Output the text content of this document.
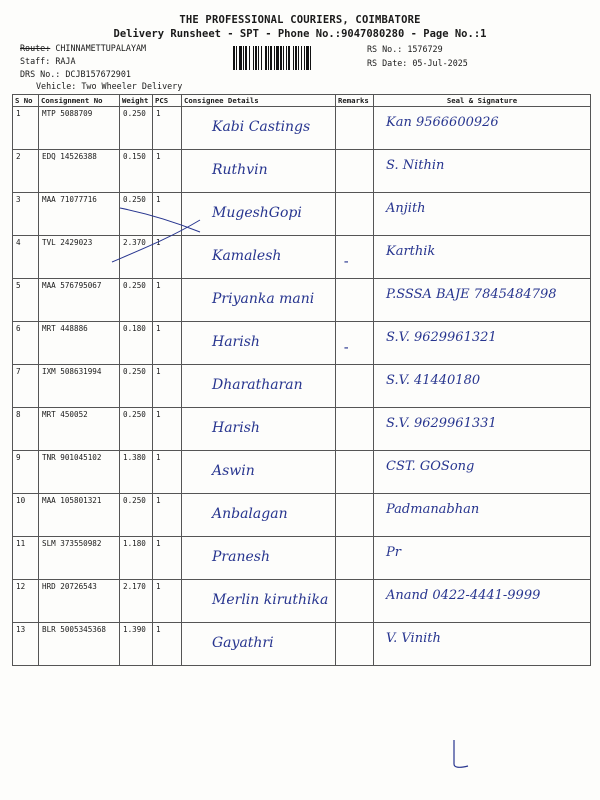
THE PROFESSIONAL COURIERS, COIMBATORE
Delivery Runsheet - SPT - Phone No.:9047080280 - Page No.:1
Route: CHINNAMETTUPALAYAM
Staff: RAJA
DRS No.: DCJB157672901
Vehicle: Two Wheeler Delivery
RS No.: 1576729
RS Date: 05-Jul-2025
S No	Consignment No	Weight	PCS	Consignee Details	Remarks	Seal & Signature
1	MTP 5088709	0.250	1	Kabi Castings		Kan 9566600926

2	EDQ 14526388	0.150	1	Ruthvin		S. Nithin

3	MAA 71077716	0.250	1	MugeshGopi		Anjith

4	TVL 2429023	2.370	1	Kamalesh	-	Karthik

5	MAA 576795067	0.250	1	Priyanka mani		P.SSSA BAJE 7845484798

6	MRT 448886	0.180	1	Harish	-	S.V. 9629961321

7	IXM 508631994	0.250	1	Dharatharan		S.V. 41440180

8	MRT 450052	0.250	1	Harish		S.V. 9629961331

9	TNR 901045102	1.380	1	Aswin		CST. GOSong

10	MAA 105801321	0.250	1	Anbalagan		Padmanabhan

11	SLM 373550982	1.180	1	Pranesh		Pr

12	HRD 20726543	2.170	1	Merlin kiruthika		Anand 0422-4441-9999

13	BLR 5005345368	1.390	1	Gayathri		V. Vinith
